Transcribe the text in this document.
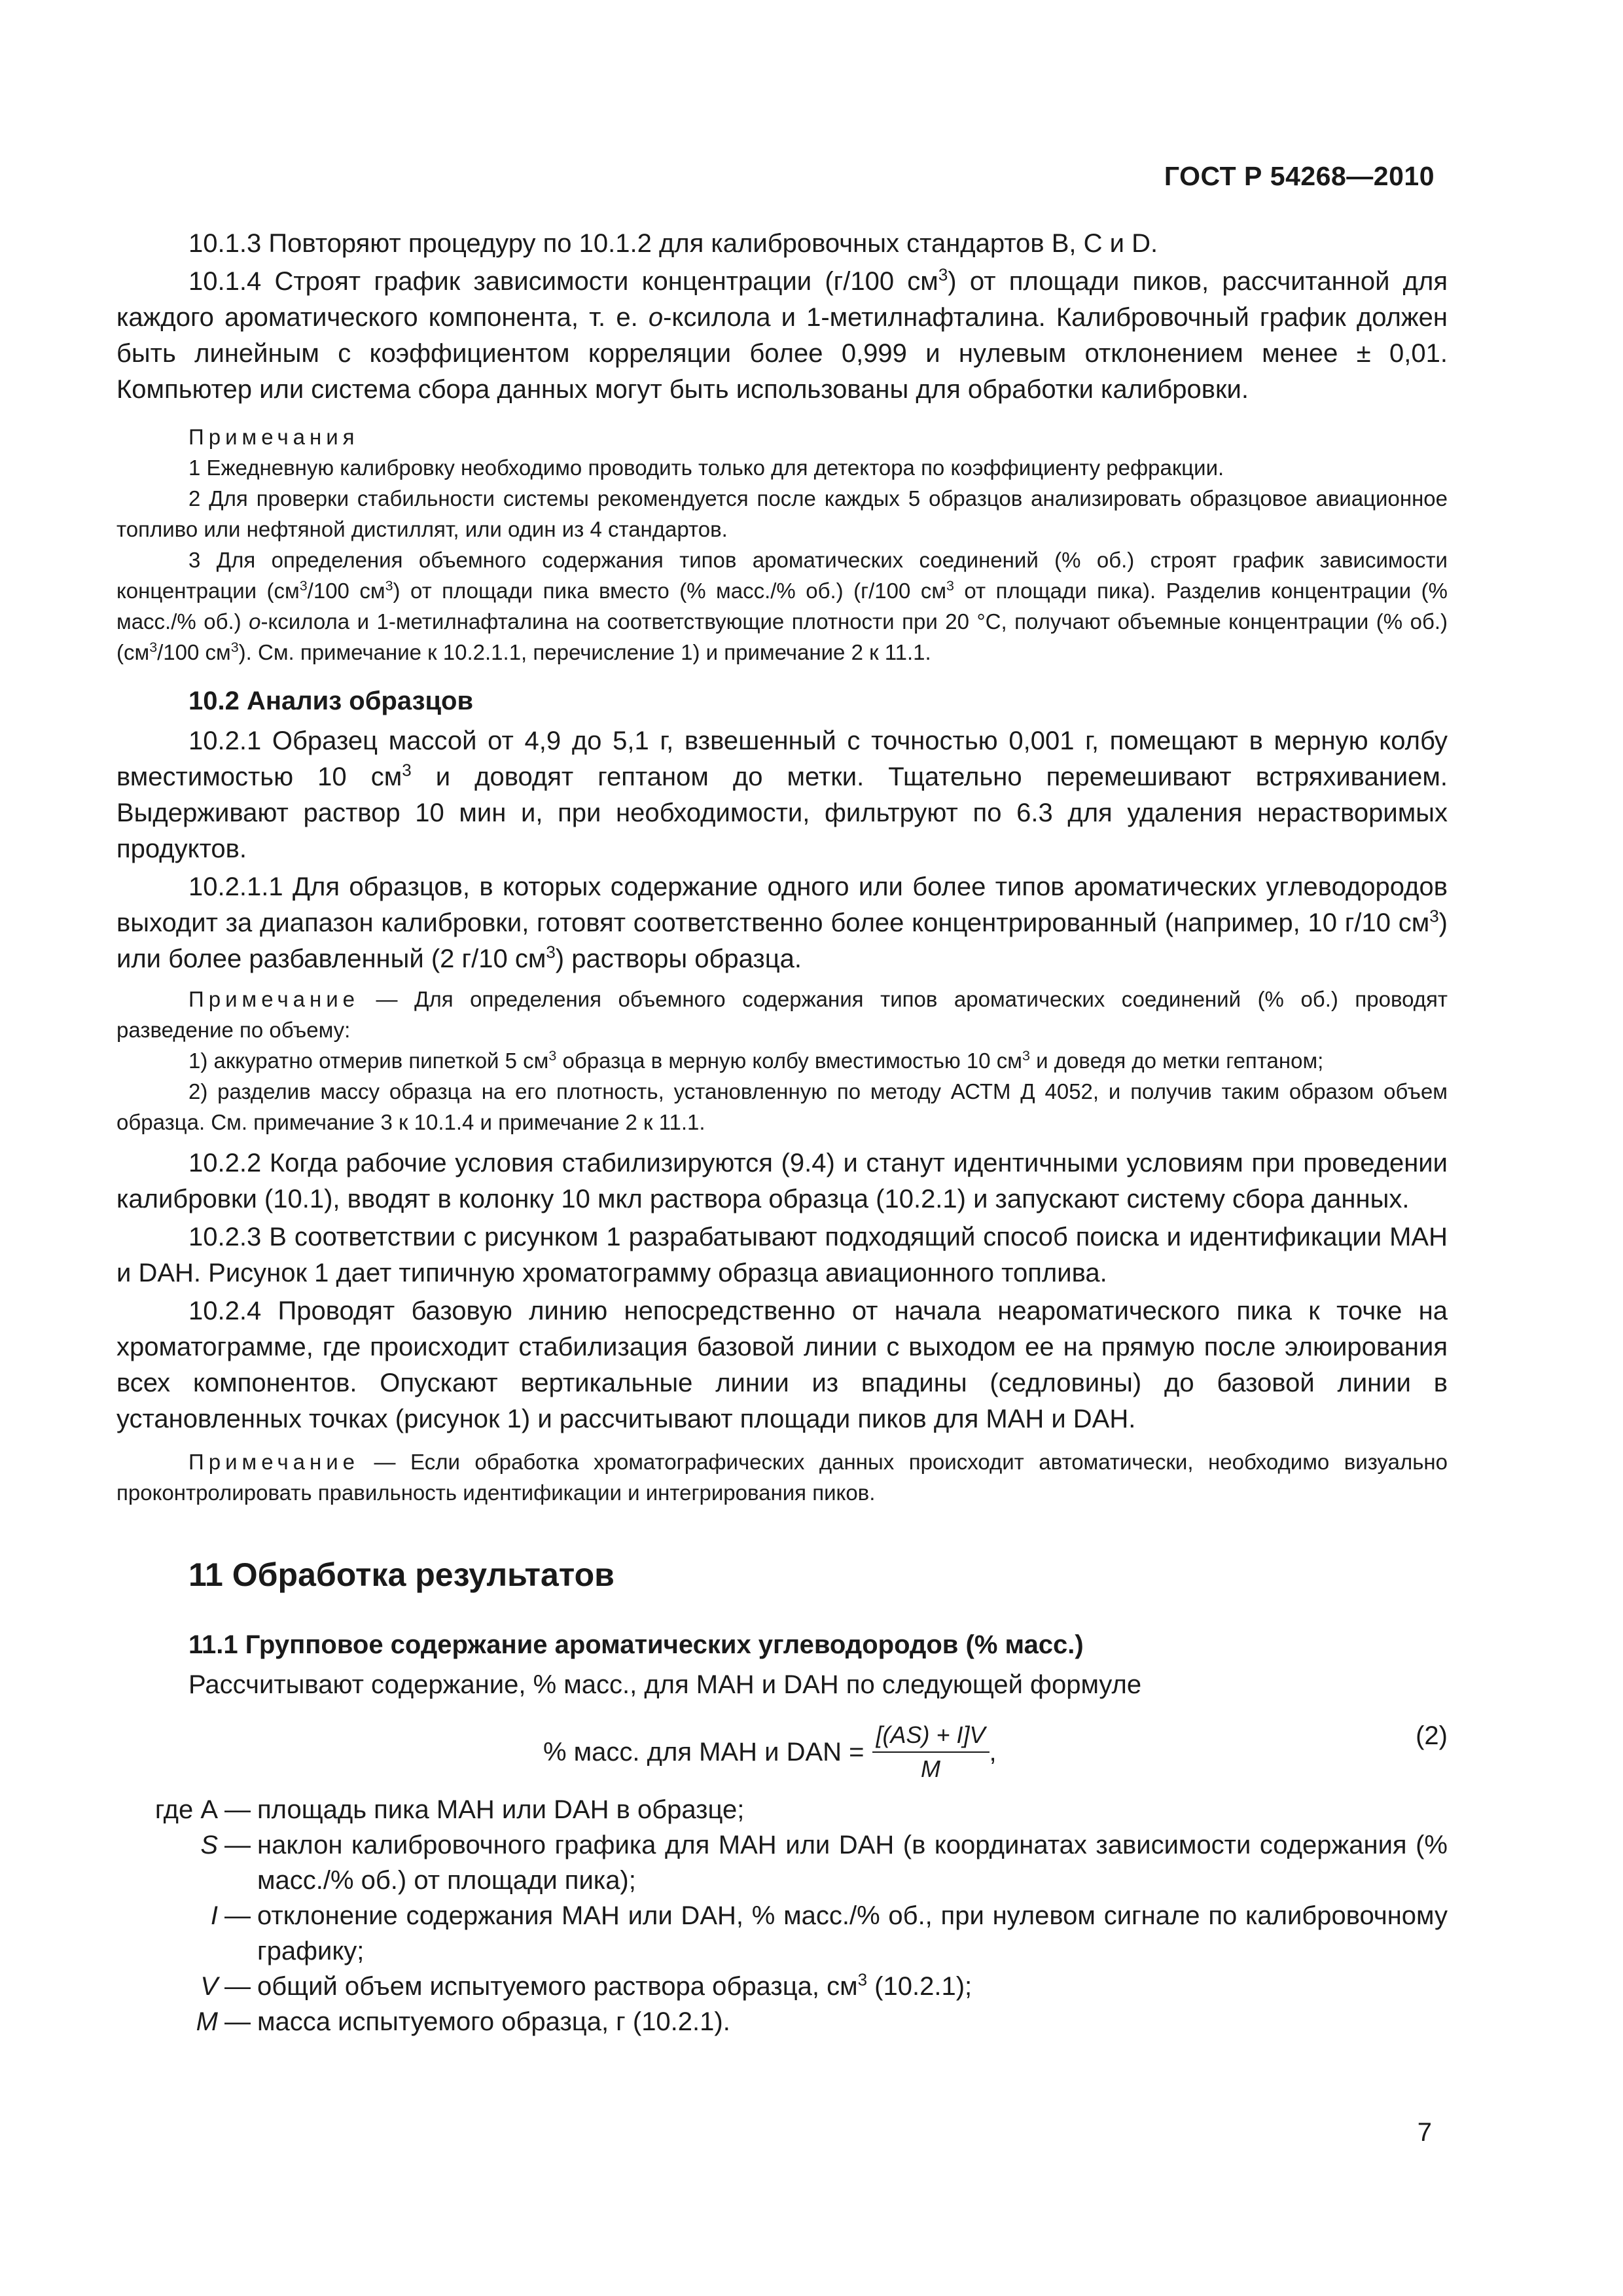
ГОСТ Р 54268—2010

10.1.3 Повторяют процедуру по 10.1.2 для калибровочных стандартов В, С и D.

10.1.4 Строят график зависимости концентрации (г/100 $см^3$) от площади пиков, рассчитанной для каждого ароматического компонента, т. е. о-ксилола и 1-метилнафталина. Калибровочный график должен быть линейным с коэффициентом корреляции более 0,999 и нулевым отклонением менее ± 0,01. Компьютер или система сбора данных могут быть использованы для обработки калибровки.

Примечания

1 Ежедневную калибровку необходимо проводить только для детектора по коэффициенту рефракции.

2 Для проверки стабильности системы рекомендуется после каждых 5 образцов анализировать образцовое авиационное топливо или нефтяной дистиллят, или один из 4 стандартов.

3 Для определения объемного содержания типов ароматических соединений (% об.) строят график зависимости концентрации ($см^3/100$ $см^3$) от площади пика вместо (% масс./% об.) (г/100 $см^3$ от площади пика). Разделив концентрации (% масс./% об.) о-ксилола и 1-метилнафталина на соответствующие плотности при 20 °С, получают объемные концентрации (% об.) ($см^3/100$ $см^3$). См. примечание к 10.2.1.1, перечисление 1) и примечание 2 к 11.1.

10.2 Анализ образцов

10.2.1 Образец массой от 4,9 до 5,1 г, взвешенный с точностью 0,001 г, помещают в мерную колбу вместимостью 10 $см^3$ и доводят гептаном до метки. Тщательно перемешивают встряхиванием. Выдерживают раствор 10 мин и, при необходимости, фильтруют по 6.3 для удаления нерастворимых продуктов.

10.2.1.1 Для образцов, в которых содержание одного или более типов ароматических углеводородов выходит за диапазон калибровки, готовят соответственно более концентрированный (например, 10 г/10 $см^3$) или более разбавленный (2 г/10 $см^3$) растворы образца.

Примечание — Для определения объемного содержания типов ароматических соединений (% об.) проводят разведение по объему:

1) аккуратно отмерив пипеткой 5 $см^3$ образца в мерную колбу вместимостью 10 $см^3$ и доведя до метки гептаном;

2) разделив массу образца на его плотность, установленную по методу АСТМ Д 4052, и получив таким образом объем образца. См. примечание 3 к 10.1.4 и примечание 2 к 11.1.

10.2.2 Когда рабочие условия стабилизируются (9.4) и станут идентичными условиям при проведении калибровки (10.1), вводят в колонку 10 мкл раствора образца (10.2.1) и запускают систему сбора данных.

10.2.3 В соответствии с рисунком 1 разрабатывают подходящий способ поиска и идентификации MAH и DAH. Рисунок 1 дает типичную хроматограмму образца авиационного топлива.

10.2.4 Проводят базовую линию непосредственно от начала неароматического пика к точке на хроматограмме, где происходит стабилизация базовой линии с выходом ее на прямую после элюирования всех компонентов. Опускают вертикальные линии из впадины (седловины) до базовой линии в установленных точках (рисунок 1) и рассчитывают площади пиков для MAH и DAH.

Примечание — Если обработка хроматографических данных происходит автоматически, необходимо визуально проконтролировать правильность идентификации и интегрирования пиков.

11 Обработка результатов
11.1 Групповое содержание ароматических углеводородов (% масс.)

Рассчитывают содержание, % масс., для MAH и DAH по следующей формуле

% масс. для MAH и DAN = $\frac{[(AS) + I]V}{M}$ ,
(2)
где A — площадь пика MAH или DAH в образце;
S — наклон калибровочного графика для MAH или DAH (в координатах зависимости содержания (% масс./% об.) от площади пика);
I — отклонение содержания MAH или DAH, % масс./% об., при нулевом сигнале по калибровочному графику;
V — общий объем испытуемого раствора образца, $см^3$ (10.2.1);
M — масса испытуемого образца, г (10.2.1).
7
